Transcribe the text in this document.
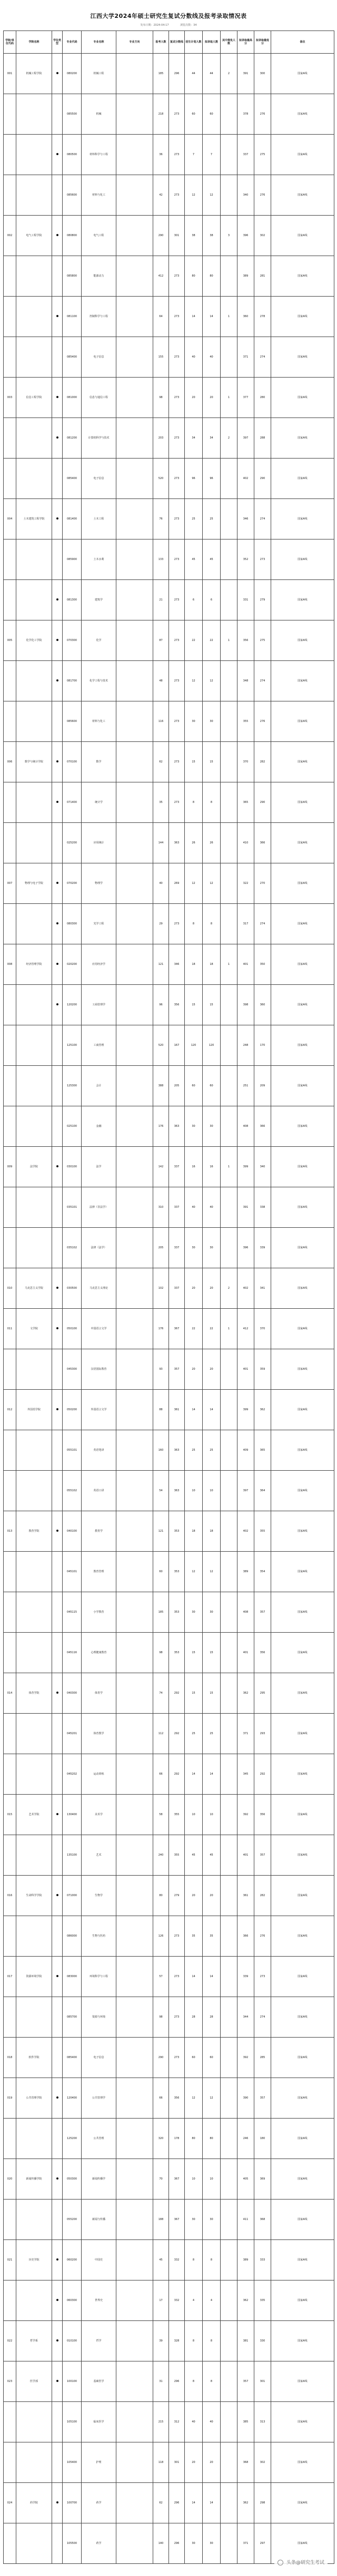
江西大学2024年硕士研究生复试分数线及报考录取情况表
发布日期：2024-04-17	浏览次数：34
学院/单位代码	学院名称	学位类型	专业代码	专业名称	专业方向	报考人数	复试分数线	招生计划人数	拟录取人数	其中推免人数	拟录取最高分	拟录取最低分	备注
001	机械工程学院		080200	机械工程		185	296	44	44	2	391	300	国家A线
			085500	机械		218	273	60	60		378	276	国家A线
			080500	材料科学与工程		36	273	7	7		337	275	国家A线
			085600	材料与化工		42	273	12	12		340	276	国家A线
002	电气工程学院		080800	电气工程		290	301	38	38	3	396	302	国家A线
			085800	能源动力		412	273	80	80		389	281	国家A线
			081100	控制科学与工程		64	273	14	14	1	360	278	国家A线
			085400	电子信息		155	273	40	40		371	274	国家A线
003	信息工程学院		081000	信息与通信工程		98	273	20	20	1	377	280	国家A线
			081200	计算机科学与技术		203	273	34	34	2	397	288	国家A线
			085400	电子信息		520	273	96	96		402	290	国家A线
004	土木建筑工程学院		081400	土木工程		76	273	25	25		346	274	国家A线
			085900	土木水利		133	273	45	45		352	273	国家A线
			081300	建筑学		21	273	6	6		331	279	国家A线
005	化学化工学院		070300	化学		87	273	22	22	1	356	275	国家A线
			081700	化学工程与技术		48	273	12	12		348	274	国家A线
			085600	材料与化工		116	273	30	30		355	276	国家A线
006	数学与统计学院		070100	数学		62	273	15	15		370	282	国家A线
			071400	统计学		35	273	8	8		365	290	国家A线
			025200	应用统计		144	363	26	26		410	366	国家A线
007	物理与电子学院		070200	物理学		40	269	12	12		322	270	国家A线
			080300	光学工程		29	273	8	8		317	274	国家A线
008	经济管理学院		020200	应用经济学		121	346	18	18	1	401	350	国家A线
			120200	工商管理学		96	356	15	15		398	360	国家A线
			125100	工商管理		520	167	120	120		248	170	国家A线
			125300	会计		388	205	60	60		251	209	国家A线
			025100	金融		176	363	30	30		408	366	国家A线
009	法学院		030100	法学		142	337	16	16	1	399	340	国家A线
			035101	法律（非法学）		310	337	40	40		391	338	国家A线
			035102	法律（法学）		205	337	30	30		396	339	国家A线
010	马克思主义学院		030500	马克思主义理论		102	337	20	20	2	402	341	国家A线
011	文学院		050100	中国语言文学		176	367	22	22	1	412	370	国家A线
			045300	汉语国际教育		93	357	20	20		401	359	国家A线
012	外国语学院		050200	外国语言文学		88	361	14	14		399	362	国家A线
			055101	英语笔译		160	363	25	25		409	365	国家A线
			055102	英语口译		54	363	10	10		397	364	国家A线
013	教育学院		040100	教育学		121	353	18	18		402	355	国家A线
			045101	教育管理		60	353	12	12		389	354	国家A线
			045115	小学教育		185	353	30	30		408	357	国家A线
			045116	心理健康教育		98	353	15	15		401	356	国家A线
014	体育学院		040300	体育学		74	292	15	15		362	295	国家A线
			045201	体育教学		112	292	25	25		371	293	国家A线
			045202	运动训练		66	292	14	14		345	292	国家A线
015	艺术学院		130400	美术学		58	355	10	10		392	356	国家A线
			135100	艺术		240	355	45	45		401	357	国家A线
016	生命科学学院		071000	生物学		80	279	20	20		361	282	国家A线
			086000	生物与医药		126	273	35	35		366	276	国家A线
017	资源环境学院		083000	环境科学与工程		57	273	14	14		339	273	国家A线
			085700	资源与环境		98	273	28	28		344	274	国家A线
018	软件学院		085400	电子信息		290	273	60	60		392	285	国家A线
019	公共管理学院		120400	公共管理学		66	356	12	12		390	357	国家A线
			125200	公共管理		320	178	80	80		246	180	国家A线
020	新闻传播学院		050300	新闻传播学		70	367	10	10		405	369	国家A线
			055200	新闻与传播		188	367	30	30		411	368	国家A线
021	历史学院		060200	中国史		45	332	8	8		389	333	国家A线
			060300	世界史		17	332	4	4		362	335	国家A线
022	哲学系		010100	哲学		39	328	8	8		381	330	国家A线
023	医学部		100100	基础医学		31	296	8	8		357	301	国家A线
			105100	临床医学		215	312	40	40		385	313	国家A线
			105400	护理		118	301	20	20		368	302	国家A线
024	药学院		100700	药学		62	296	14	14		362	298	国家A线
			105500	药学		140	296	30	30		371	297	国家A线
头条@研究生考试
